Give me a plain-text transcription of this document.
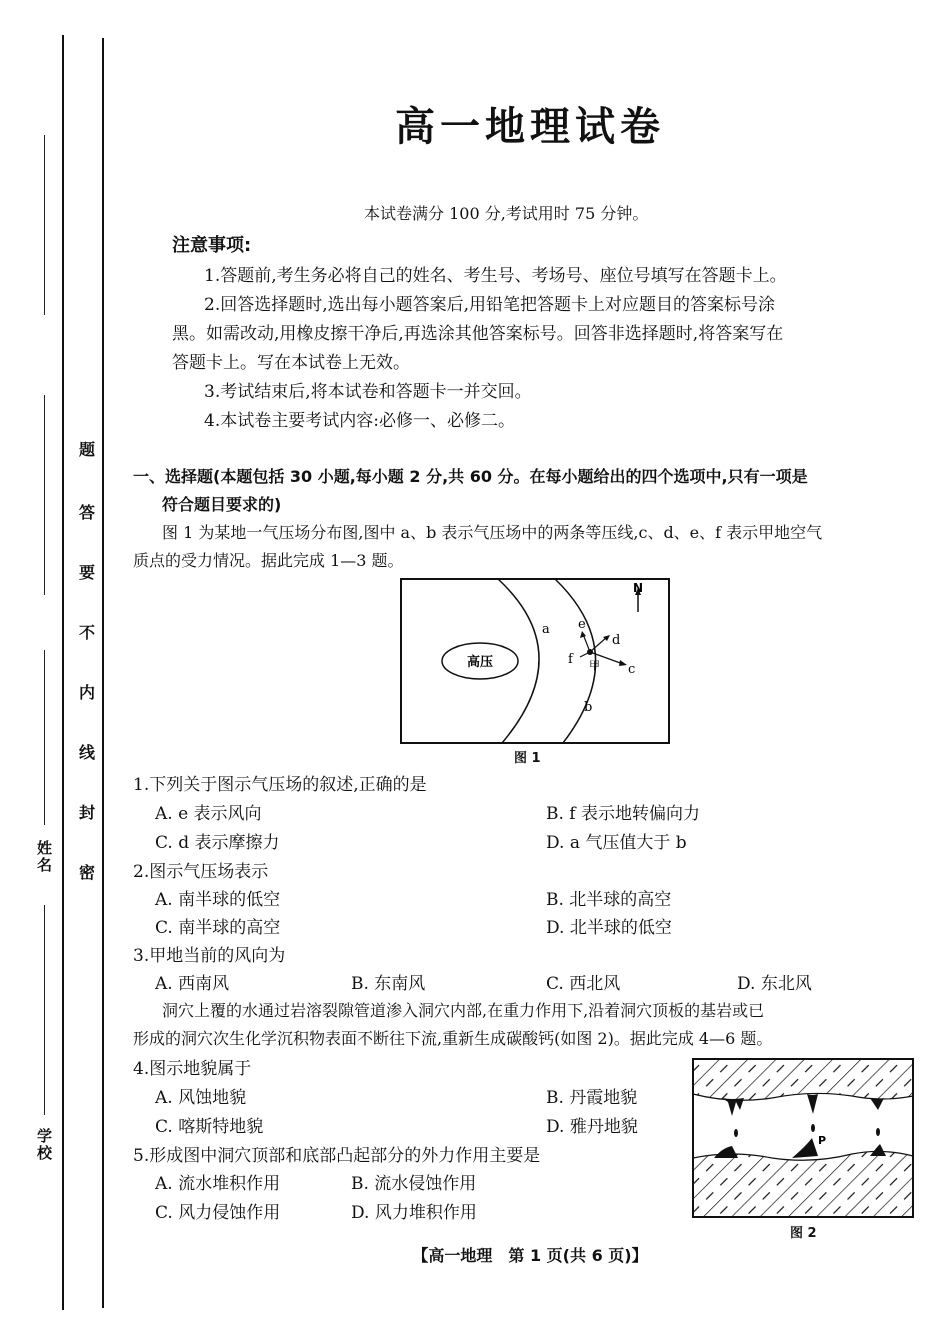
姓名
学校
题
答
要
不
内
线
封
密
高一地理试卷
本试卷满分 100 分,考试用时 75 分钟。
注意事项:
1.答题前,考生务必将自己的姓名、考生号、考场号、座位号填写在答题卡上。
2.回答选择题时,选出每小题答案后,用铅笔把答题卡上对应题目的答案标号涂
黑。如需改动,用橡皮擦干净后,再选涂其他答案标号。回答非选择题时,将答案写在
答题卡上。写在本试卷上无效。
3.考试结束后,将本试卷和答题卡一并交回。
4.本试卷主要考试内容:必修一、必修二。
一、选择题(本题包括 30 小题,每小题 2 分,共 60 分。在每小题给出的四个选项中,只有一项是
符合题目要求的)
图 1 为某地一气压场分布图,图中 a、b 表示气压场中的两条等压线,c、d、e、f 表示甲地空气
质点的受力情况。据此完成 1—3 题。
高压
a
b
N
e
d
c
f 甲
图 1
1.下列关于图示气压场的叙述,正确的是
A. e 表示风向	B. f 表示地转偏向力
C. d 表示摩擦力	D. a 气压值大于 b
2.图示气压场表示
A. 南半球的低空	B. 北半球的高空
C. 南半球的高空	D. 北半球的低空
3.甲地当前的风向为
A. 西南风	B. 东南风	C. 西北风	D. 东北风
洞穴上覆的水通过岩溶裂隙管道渗入洞穴内部,在重力作用下,沿着洞穴顶板的基岩或已
形成的洞穴次生化学沉积物表面不断往下流,重新生成碳酸钙(如图 2)。据此完成 4—6 题。
4.图示地貌属于
A. 风蚀地貌	B. 丹霞地貌
C. 喀斯特地貌	D. 雅丹地貌
5.形成图中洞穴顶部和底部凸起部分的外力作用主要是
A. 流水堆积作用	B. 流水侵蚀作用
C. 风力侵蚀作用	D. 风力堆积作用
P
图 2
【高一地理　第 1 页(共 6 页)】
